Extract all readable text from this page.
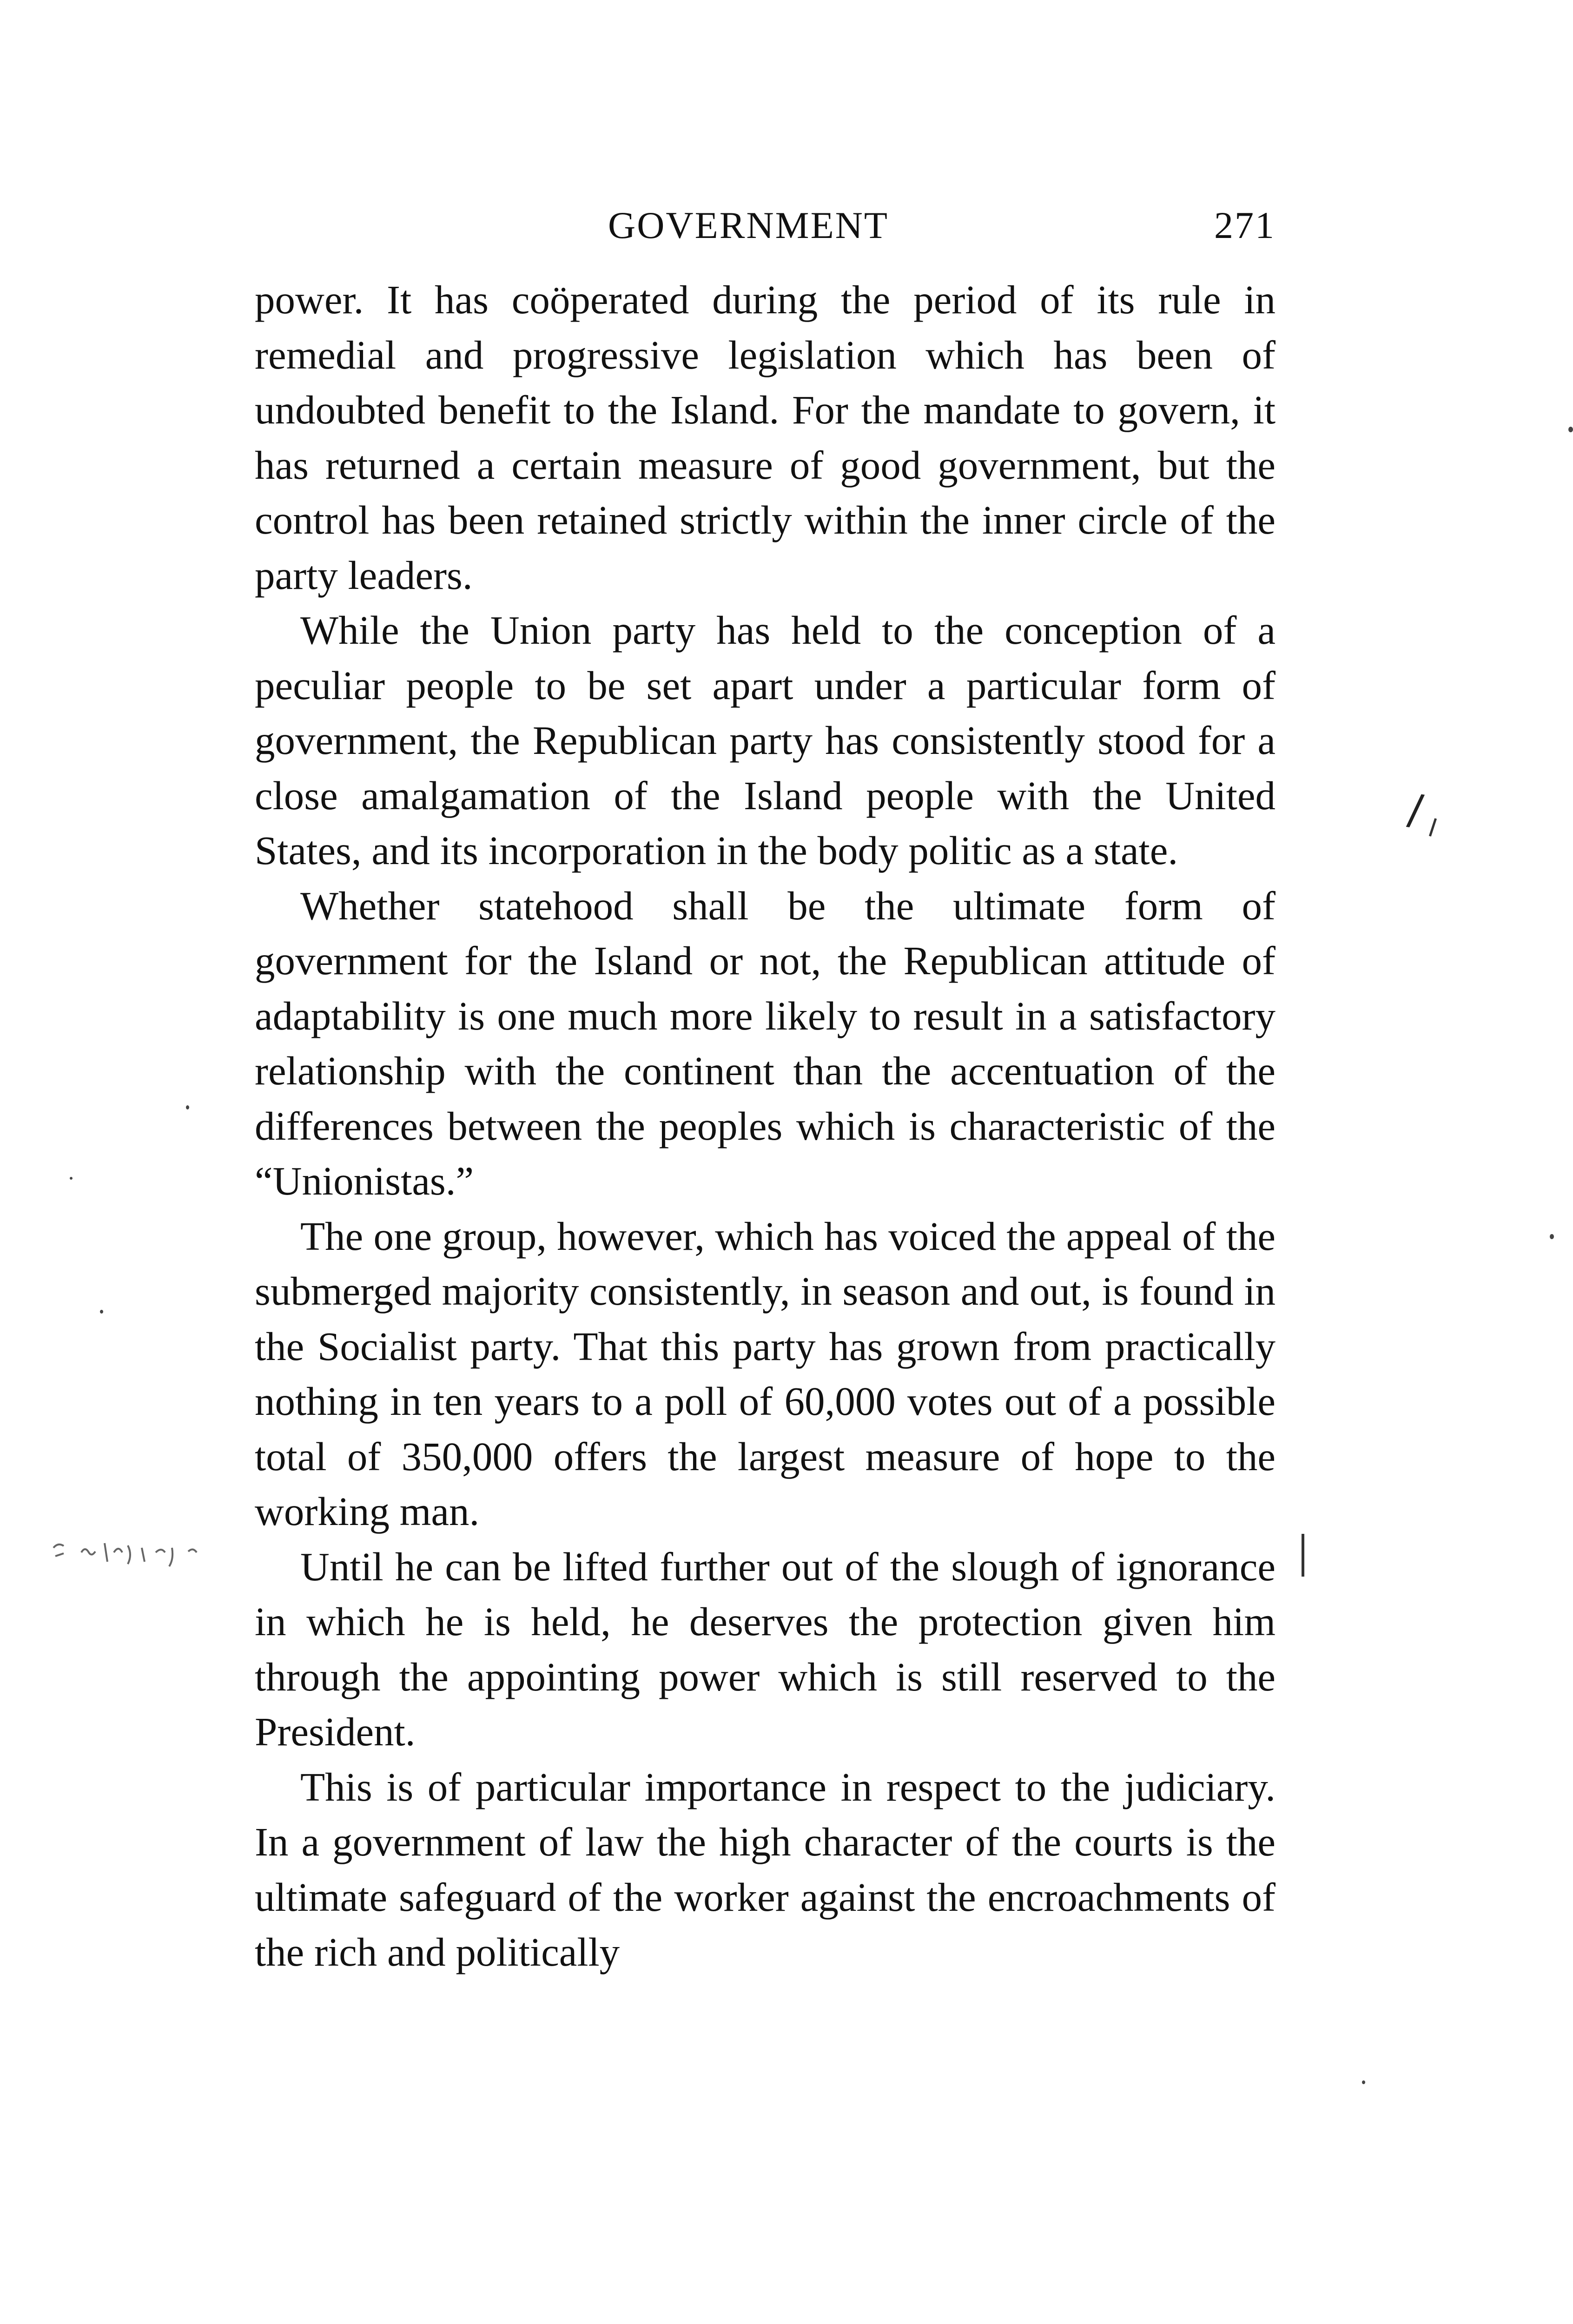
GOVERNMENT	271

power. It has coöperated during the period of its rule in remedial and progressive legislation which has been of undoubted benefit to the Island. For the mandate to govern, it has returned a certain measure of good government, but the control has been retained strictly within the inner circle of the party leaders.

While the Union party has held to the conception of a peculiar people to be set apart under a particular form of government, the Republican party has consistently stood for a close amalgamation of the Island people with the United States, and its incorporation in the body politic as a state.

Whether statehood shall be the ultimate form of government for the Island or not, the Republican attitude of adaptability is one much more likely to result in a satisfactory relationship with the continent than the accentuation of the differences between the peoples which is characteristic of the “Unionistas.”

The one group, however, which has voiced the appeal of the submerged majority consistently, in season and out, is found in the Socialist party. That this party has grown from practically nothing in ten years to a poll of 60,000 votes out of a possible total of 350,000 offers the largest measure of hope to the working man.

Until he can be lifted further out of the slough of ignorance in which he is held, he deserves the protection given him through the appointing power which is still reserved to the President.

This is of particular importance in respect to the judiciary. In a government of law the high character of the courts is the ultimate safeguard of the worker against the encroachments of the rich and politically

/
